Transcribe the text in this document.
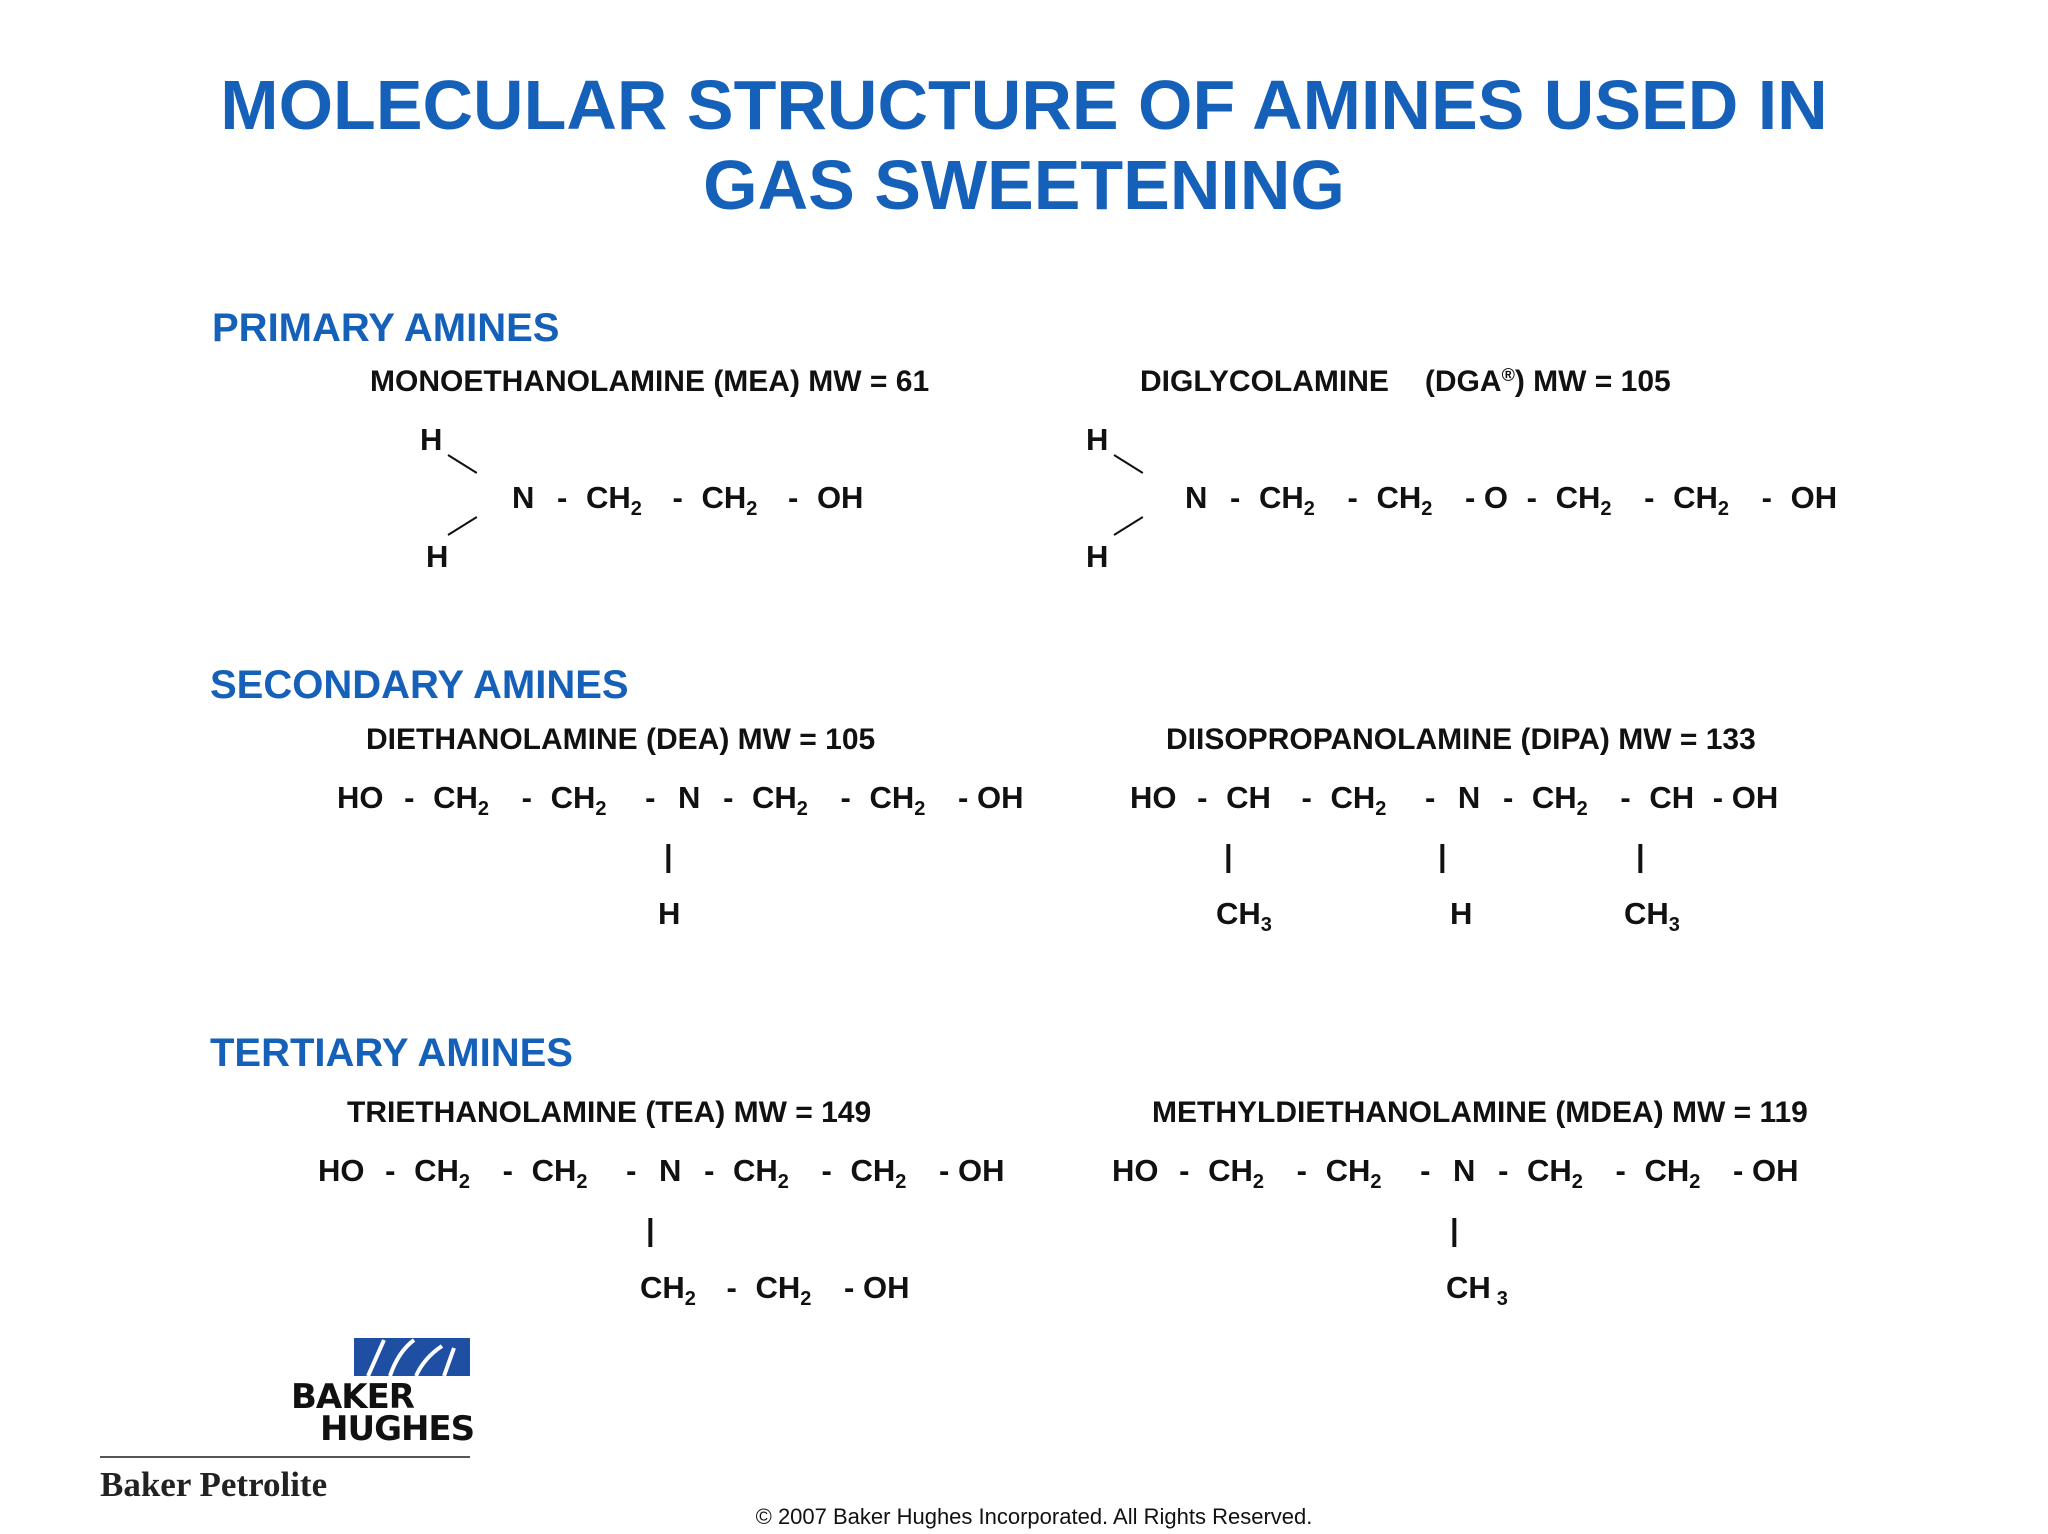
MOLECULAR STRUCTURE OF AMINES USED IN
GAS SWEETENING
PRIMARY AMINES
MONOETHANOLAMINE (MEA) MW = 61
H
H
N - $CH_2 - CH_2$ - OH
DIGLYCOLAMINE (DGA®) MW = 105
H
H
N - $CH_2 - CH_2$ - O - $CH_2 - CH_2$ - OH
SECONDARY AMINES
DIETHANOLAMINE (DEA) MW = 105
HO - $CH_2 - CH_2$ - N - $CH_2 - CH_2$ - OH
|
H
DIISOPROPANOLAMINE (DIPA) MW = 133
HO - CH - $CH_2$ - N - $CH_2$ - CH - OH
|	|	|
$CH_3$	H	$CH_3$
TERTIARY AMINES
TRIETHANOLAMINE (TEA) MW = 149
HO - $CH_2 - CH_2$ - N - $CH_2 - CH_2$ - OH
|
$CH_2 - CH_2$ - OH
METHYLDIETHANOLAMINE (MDEA) MW = 119
HO - $CH_2 - CH_2$ - N - $CH_2 - CH_2$ - OH
|
CH $_3$
BAKER
HUGHES
Baker Petrolite
© 2007 Baker Hughes Incorporated. All Rights Reserved.
